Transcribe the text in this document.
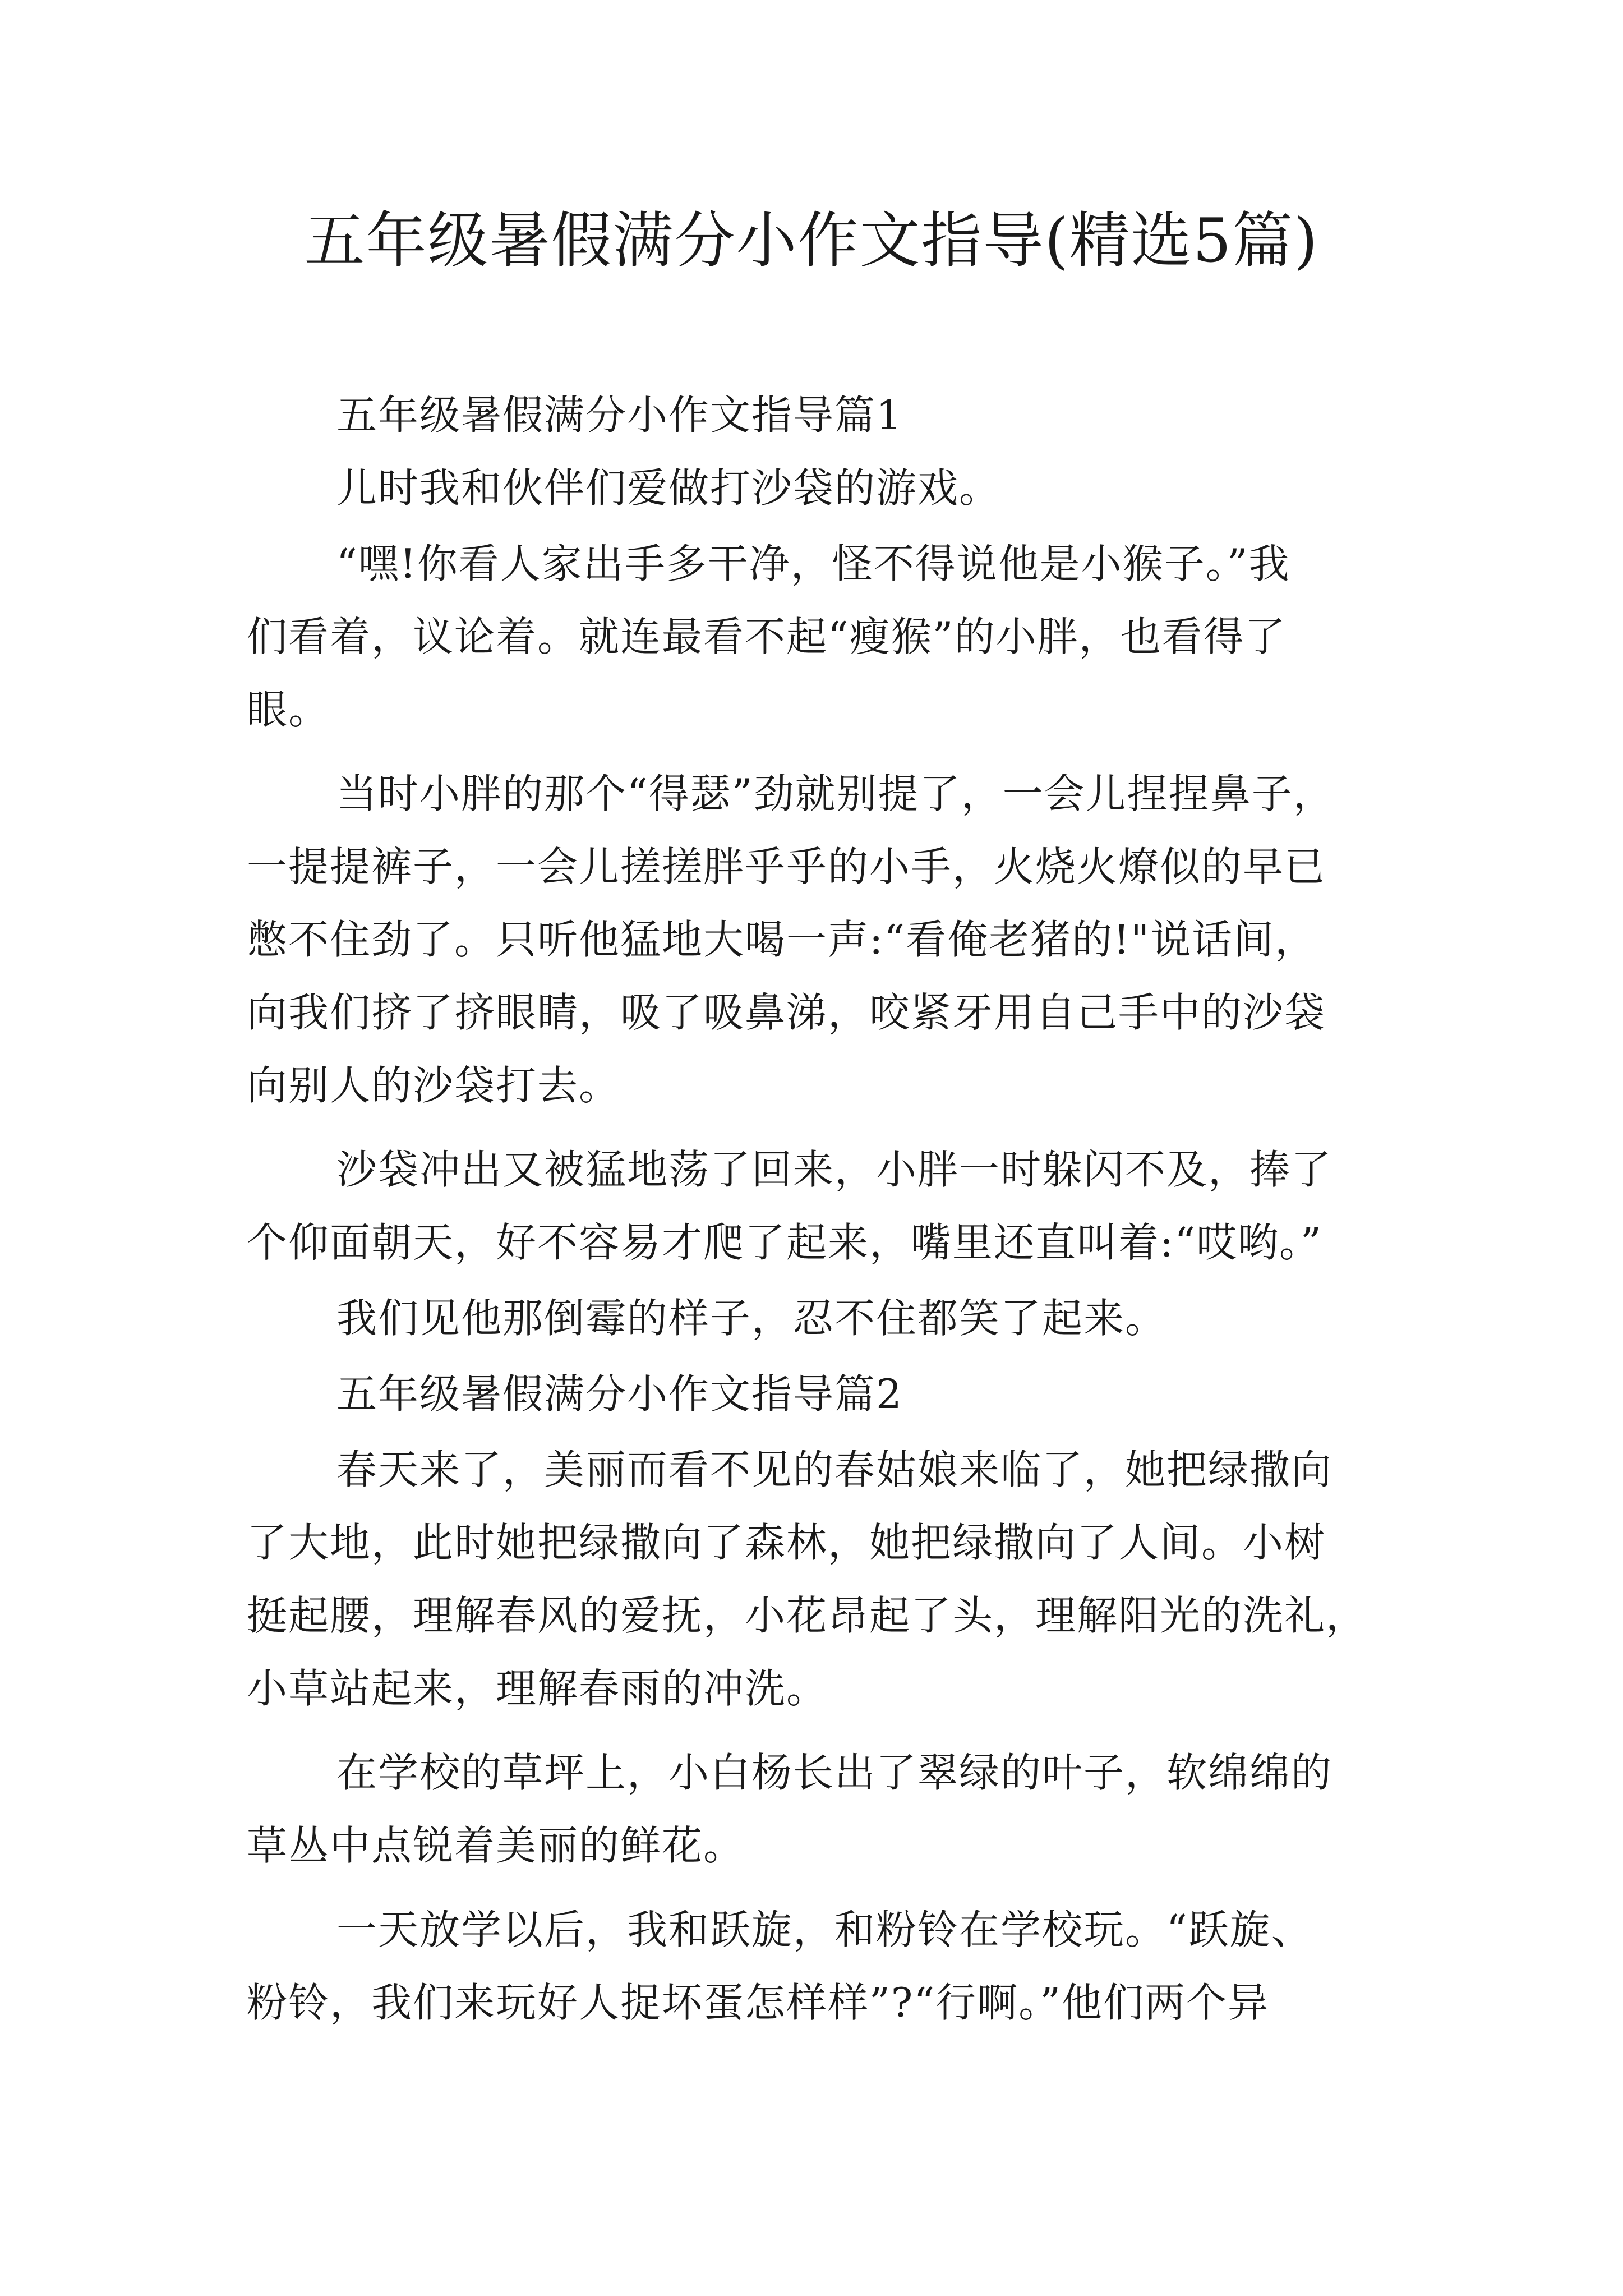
五年级暑假满分小作文指导(精选5篇)
五年级暑假满分小作文指导篇1
儿时我和伙伴们爱做打沙袋的游戏。
“嘿!你看人家出手多干净，怪不得说他是小猴子。”我
们看着，议论着。就连最看不起“瘦猴”的小胖，也看得了
眼。
当时小胖的那个“得瑟”劲就别提了，一会儿捏捏鼻子，
一提提裤子，一会儿搓搓胖乎乎的小手，火烧火燎似的早已
憋不住劲了。只听他猛地大喝一声:“看俺老猪的!"说话间，
向我们挤了挤眼睛，吸了吸鼻涕，咬紧牙用自己手中的沙袋
向别人的沙袋打去。
沙袋冲出又被猛地荡了回来，小胖一时躲闪不及，捧了
个仰面朝天，好不容易才爬了起来，嘴里还直叫着:“哎哟。”
我们见他那倒霉的样子，忍不住都笑了起来。
五年级暑假满分小作文指导篇2
春天来了，美丽而看不见的春姑娘来临了，她把绿撒向
了大地，此时她把绿撒向了森林，她把绿撒向了人间。小树
挺起腰，理解春风的爱抚，小花昂起了头，理解阳光的洗礼，
小草站起来，理解春雨的冲洗。
在学校的草坪上，小白杨长出了翠绿的叶子，软绵绵的
草丛中点锐着美丽的鲜花。
一天放学以后，我和跃旋，和粉铃在学校玩。“跃旋、
粉铃，我们来玩好人捉坏蛋怎样样”?“行啊。”他们两个异
